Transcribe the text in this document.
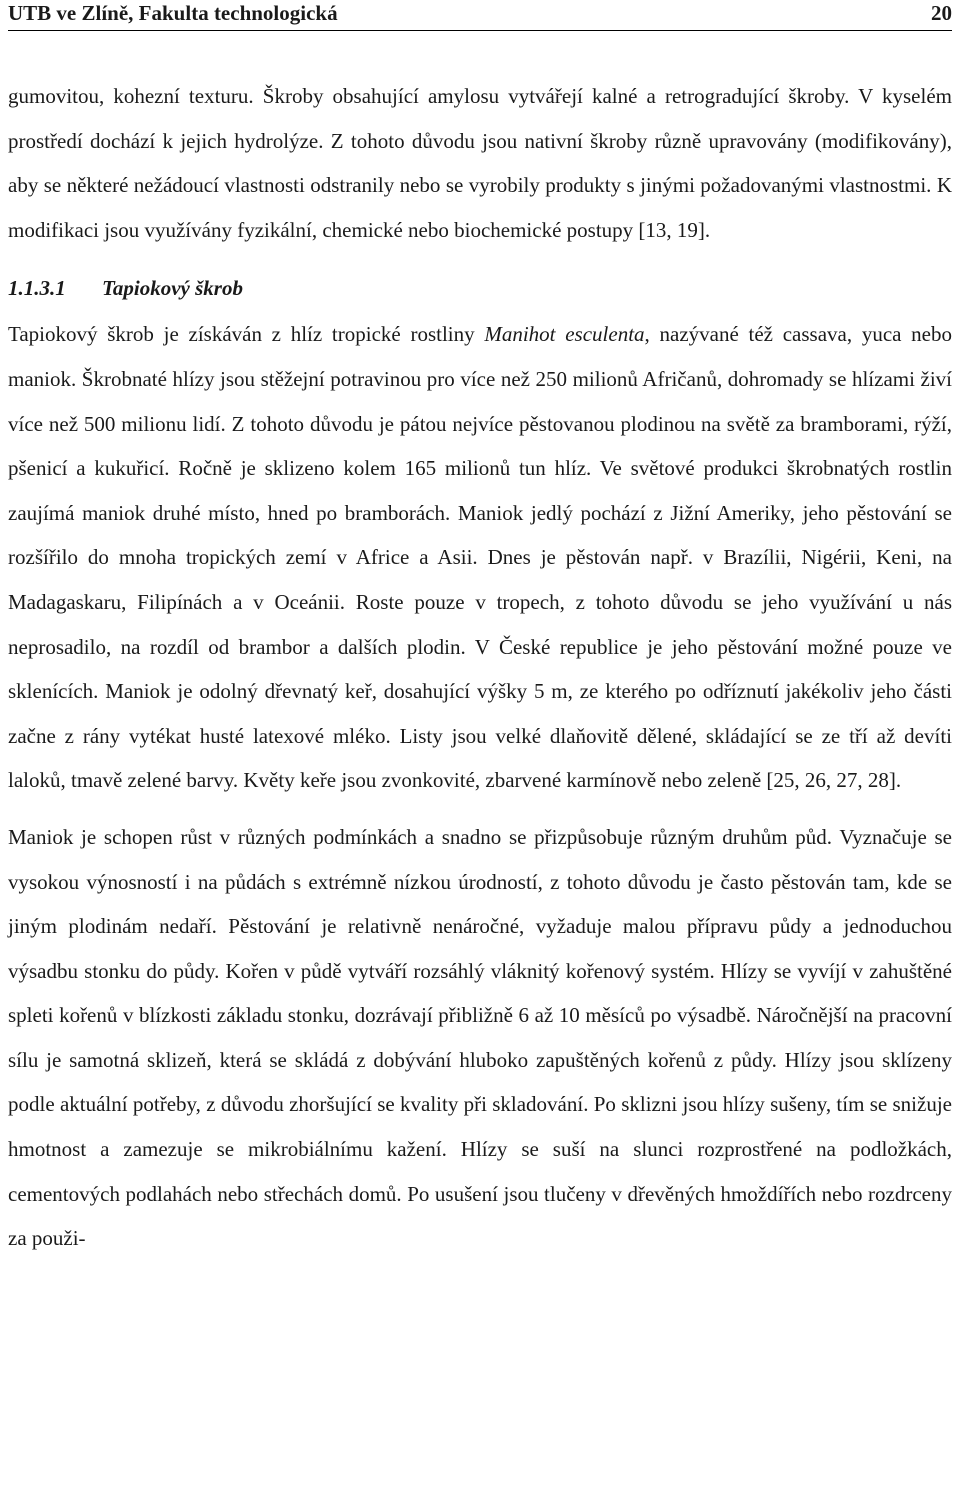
UTB ve Zlíně, Fakulta technologická	20

gumovitou, kohezní texturu. Škroby obsahující amylosu vytvářejí kalné a retrogradující škroby. V kyselém prostředí dochází k jejich hydrolýze. Z tohoto důvodu jsou nativní škroby různě upravovány (modifikovány), aby se některé nežádoucí vlastnosti odstranily nebo se vyrobily produkty s jinými požadovanými vlastnostmi. K modifikaci jsou využívány fyzikální, chemické nebo biochemické postupy [13, 19].

1.1.3.1 Tapiokový škrob

Tapiokový škrob je získáván z hlíz tropické rostliny Manihot esculenta, nazývané též cassava, yuca nebo maniok. Škrobnaté hlízy jsou stěžejní potravinou pro více než 250 milionů Afričanů, dohromady se hlízami živí více než 500 milionu lidí. Z tohoto důvodu je pátou nejvíce pěstovanou plodinou na světě za bramborami, rýží, pšenicí a kukuřicí. Ročně je sklizeno kolem 165 milionů tun hlíz. Ve světové produkci škrobnatých rostlin zaujímá maniok druhé místo, hned po bramborách. Maniok jedlý pochází z Jižní Ameriky, jeho pěstování se rozšířilo do mnoha tropických zemí v Africe a Asii. Dnes je pěstován např. v Brazílii, Nigérii, Keni, na Madagaskaru, Filipínách a v Oceánii. Roste pouze v tropech, z tohoto důvodu se jeho využívání u nás neprosadilo, na rozdíl od brambor a dalších plodin. V České republice je jeho pěstování možné pouze ve sklenících. Maniok je odolný dřevnatý keř, dosahující výšky 5 m, ze kterého po odříznutí jakékoliv jeho části začne z rány vytékat husté latexové mléko. Listy jsou velké dlaňovitě dělené, skládající se ze tří až devíti laloků, tmavě zelené barvy. Květy keře jsou zvonkovité, zbarvené karmínově nebo zeleně [25, 26, 27, 28].

Maniok je schopen růst v různých podmínkách a snadno se přizpůsobuje různým druhům půd. Vyznačuje se vysokou výnosností i na půdách s extrémně nízkou úrodností, z tohoto důvodu je často pěstován tam, kde se jiným plodinám nedaří. Pěstování je relativně nenáročné, vyžaduje malou přípravu půdy a jednoduchou výsadbu stonku do půdy. Kořen v půdě vytváří rozsáhlý vláknitý kořenový systém. Hlízy se vyvíjí v zahuštěné spleti kořenů v blízkosti základu stonku, dozrávají přibližně 6 až 10 měsíců po výsadbě. Náročnější na pracovní sílu je samotná sklizeň, která se skládá z dobývání hluboko zapuštěných kořenů z půdy. Hlízy jsou sklízeny podle aktuální potřeby, z důvodu zhoršující se kvality při skladování. Po sklizni jsou hlízy sušeny, tím se snižuje hmotnost a zamezuje se mikrobiálnímu kažení. Hlízy se suší na slunci rozprostřené na podložkách, cementových podlahách nebo střechách domů. Po usušení jsou tlučeny v dřevěných hmoždířích nebo rozdrceny za použi-
